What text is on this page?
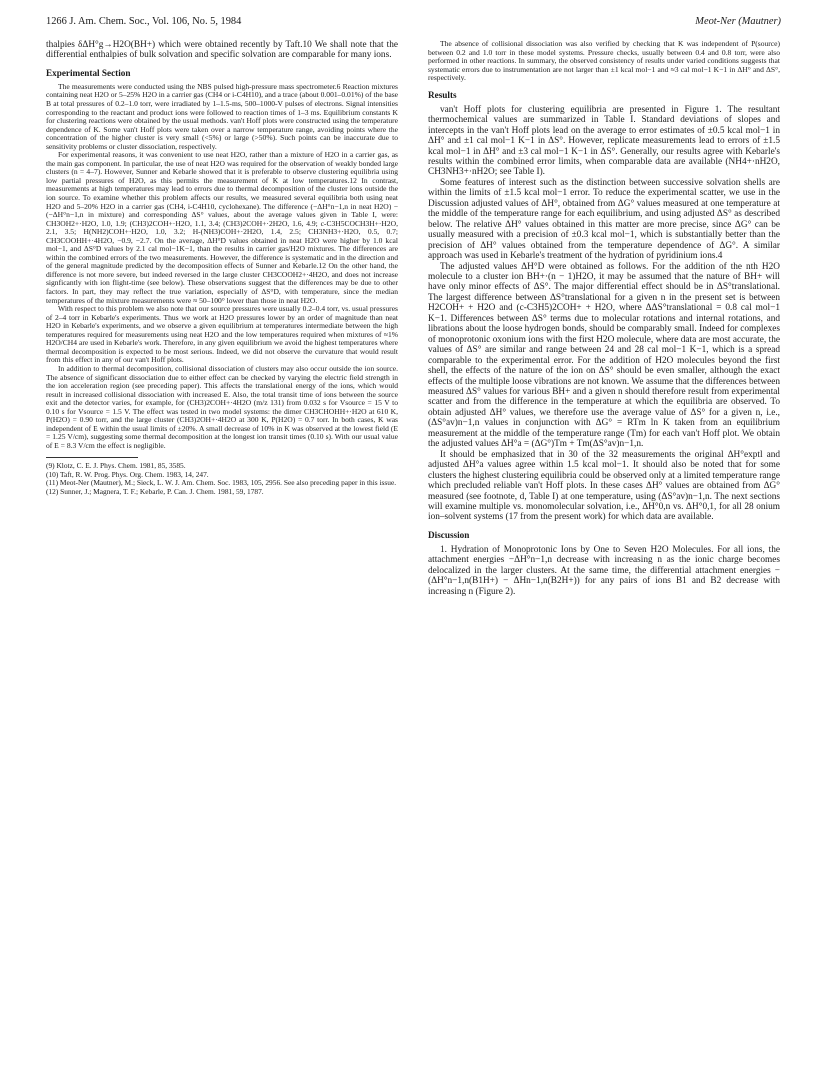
1266 J. Am. Chem. Soc., Vol. 106, No. 5, 1984	Meot-Ner (Mautner)

thalpies δΔH°g→H2O(BH+) which were obtained recently by Taft.10 We shall note that the differential enthalpies of bulk solvation and specific solvation are comparable for many ions.

Experimental Section

The measurements were conducted using the NBS pulsed high-pressure mass spectrometer.6 Reaction mixtures containing neat H2O or 5–25% H2O in a carrier gas (CH4 or i-C4H10), and a trace (about 0.001–0.01%) of the base B at total pressures of 0.2–1.0 torr, were irradiated by 1–1.5-ms, 500–1000-V pulses of electrons. Signal intensities corresponding to the reactant and product ions were followed to reaction times of 1–3 ms. Equilibrium constants K for clustering reactions were obtained by the usual methods. van't Hoff plots were constructed using the temperature dependence of K. Some van't Hoff plots were taken over a narrow temperature range, avoiding points where the concentration of the higher cluster is very small (<5%) or large (>50%). Such points can be inaccurate due to sensitivity problems or cluster dissociation, respectively.

For experimental reasons, it was convenient to use neat H2O, rather than a mixture of H2O in a carrier gas, as the main gas component. In particular, the use of neat H2O was required for the observation of weakly bonded large clusters (n = 4–7). However, Sunner and Kebarle showed that it is preferable to observe clustering equilibria using low partial pressures of H2O, as this permits the measurement of K at low temperatures.12 In contrast, measurements at high temperatures may lead to errors due to thermal decomposition of the cluster ions outside the ion source. To examine whether this problem affects our results, we measured several equilibria both using neat H2O and 5–20% H2O in a carrier gas (CH4, i-C4H10, cyclohexane). The difference (−ΔH°n−1,n in neat H2O) − (−ΔH°n−1,n in mixture) and corresponding ΔS° values, about the average values given in Table I, were: CH3OH2+·H2O, 1.0, 1.9; (CH3)2COH+·H2O, 1.1, 3.4; (CH3)2COH+·2H2O, 1.6, 4.9; c-C3H5COCH3H+·H2O, 2.1, 3.5; H(NH2)COH+·H2O, 1.0, 3.2; H-(NH3)COH+·2H2O, 1.4, 2.5; CH3NH3+·H2O, 0.5, 0.7; CH3COOHH+·4H2O, −0.9, −2.7. On the average, ΔH°D values obtained in neat H2O were higher by 1.0 kcal mol−1, and ΔS°D values by 2.1 cal mol−1K−1, than the results in carrier gas/H2O mixtures. The differences are within the combined errors of the two measurements. However, the difference is systematic and in the direction and of the general magnitude predicted by the decomposition effects of Sunner and Kebarle.12 On the other hand, the difference is not more severe, but indeed reversed in the large cluster CH3COOH2+·4H2O, and does not increase signficantly with ion flight-time (see below). These observations suggest that the differences may be due to other factors. In part, they may reflect the true variation, especially of ΔS°D, with temperature, since the median temperatures of the mixture measurements were ≈ 50–100° lower than those in neat H2O.

With respect to this problem we also note that our source pressures were usually 0.2–0.4 torr, vs. usual pressures of 2–4 torr in Kebarle's experiments. Thus we work at H2O pressures lower by an order of magnitude than neat H2O in Kebarle's experiments, and we observe a given equilibrium at temperatures intermediate between the high temperatures required for measurements using neat H2O and the low temperatures required when mixtures of ≈1% H2O/CH4 are used in Kebarle's work. Therefore, in any given equilibrium we avoid the highest temperatures where thermal decomposition is expected to be most serious. Indeed, we did not observe the curvature that would result from this effect in any of our van't Hoff plots.

In addition to thermal decomposition, collisional dissociation of clusters may also occur outside the ion source. The absence of significant dissociation due to either effect can be checked by varying the electric field strength in the ion acceleration region (see preceding paper). This affects the translational energy of the ions, which would result in increased collisional dissociation with increased E. Also, the total transit time of ions between the source exit and the detector varies, for example, for (CH3)2COH+·4H2O (m/z 131) from 0.032 s for Vsource = 15 V to 0.10 s for Vsource = 1.5 V. The effect was tested in two model systems: the dimer CH3CHOHH+·H2O at 610 K, P(H2O) = 0.90 torr, and the large cluster (CH3)2OH+·4H2O at 300 K, P(H2O) = 0.7 torr. In both cases, K was independent of E within the usual limits of ±20%. A small decrease of 10% in K was observed at the lowest field (E = 1.25 V/cm), suggesting some thermal decomposition at the longest ion transit times (0.10 s). With our usual value of E = 8.3 V/cm the effect is negligible.

(9) Klotz, C. E. J. Phys. Chem. 1981, 85, 3585.

(10) Taft, R. W. Prog. Phys. Org. Chem. 1983, 14, 247.

(11) Meot-Ner (Mautner), M.; Sieck, L. W. J. Am. Chem. Soc. 1983, 105, 2956. See also preceding paper in this issue.

(12) Sunner, J.; Magnera, T. F.; Kebarle, P. Can. J. Chem. 1981, 59, 1787.

The absence of collisional dissociation was also verified by checking that K was independent of P(source) between 0.2 and 1.0 torr in these model systems. Pressure checks, usually between 0.4 and 0.8 torr, were also performed in other reactions. In summary, the observed consistency of results under varied conditions suggests that systematic errors due to instrumentation are not larger than ±1 kcal mol−1 and ≈3 cal mol−1 K−1 in ΔH° and ΔS°, respectively.

Results

van't Hoff plots for clustering equilibria are presented in Figure 1. The resultant thermochemical values are summarized in Table I. Standard deviations of slopes and intercepts in the van't Hoff plots lead on the average to error estimates of ±0.5 kcal mol−1 in ΔH° and ±1 cal mol−1 K−1 in ΔS°. However, replicate measurements lead to errors of ±1.5 kcal mol−1 in ΔH° and ±3 cal mol−1 K−1 in ΔS°. Generally, our results agree with Kebarle's results within the combined error limits, when comparable data are available (NH4+·nH2O, CH3NH3+·nH2O; see Table I).

Some features of interest such as the distinction between successive solvation shells are within the limits of ±1.5 kcal mol−1 error. To reduce the experimental scatter, we use in the Discussion adjusted values of ΔH°, obtained from ΔG° values measured at one temperature at the middle of the temperature range for each equilibrium, and using adjusted ΔS° as described below. The relative ΔH° values obtained in this matter are more precise, since ΔG° can be usually measured with a precision of ±0.3 kcal mol−1, which is substantially better than the precision of ΔH° values obtained from the temperature dependence of ΔG°. A similar approach was used in Kebarle's treatment of the hydration of pyridinium ions.4

The adjusted values ΔH°D were obtained as follows. For the addition of the nth H2O molecule to a cluster ion BH+·(n − 1)H2O, it may be assumed that the nature of BH+ will have only minor effects of ΔS°. The major differential effect should be in ΔS°translational. The largest difference between ΔS°translational for a given n in the present set is between H2COH+ + H2O and (c-C3H5)2COH+ + H2O, where ΔΔS°translational = 0.8 cal mol−1 K−1. Differences between ΔS° terms due to molecular rotations and internal rotations, and librations about the loose hydrogen bonds, should be comparably small. Indeed for complexes of monoprotonic oxonium ions with the first H2O molecule, where data are most accurate, the values of ΔS° are similar and range between 24 and 28 cal mol−1 K−1, which is a spread comparable to the experimental error. For the addition of H2O molecules beyond the first shell, the effects of the nature of the ion on ΔS° should be even smaller, although the exact effects of the multiple loose vibrations are not known. We assume that the differences between measured ΔS° values for various BH+ and a given n should therefore result from experimental scatter and from the difference in the temperature at which the equilibria are observed. To obtain adjusted ΔH° values, we therefore use the average value of ΔS° for a given n, i.e., (ΔS°av)n−1,n values in conjunction with ΔG° = RTm ln K taken from an equilibrium measurement at the middle of the temperature range (Tm) for each van't Hoff plot. We obtain the adjusted values ΔH°a = (ΔG°)Tm + Tm(ΔS°av)n−1,n.

It should be emphasized that in 30 of the 32 measurements the original ΔH°exptl and adjusted ΔH°a values agree within 1.5 kcal mol−1. It should also be noted that for some clusters the highest clustering equilibria could be observed only at a limited temperature range which precluded reliable van't Hoff plots. In these cases ΔH° values are obtained from ΔG° measured (see footnote, d, Table I) at one temperature, using (ΔS°av)n−1,n. The next sections will examine multiple vs. monomolecular solvation, i.e., ΔH°0,n vs. ΔH°0,1, for all 28 onium ion–solvent systems (17 from the present work) for which data are available.

Discussion

1. Hydration of Monoprotonic Ions by One to Seven H2O Molecules. For all ions, the attachment energies −ΔH°n−1,n decrease with increasing n as the ionic charge becomes delocalized in the larger clusters. At the same time, the differential attachment energies −(ΔH°n−1,n(B1H+) − ΔHn−1,n(B2H+)) for any pairs of ions B1 and B2 decrease with increasing n (Figure 2).
